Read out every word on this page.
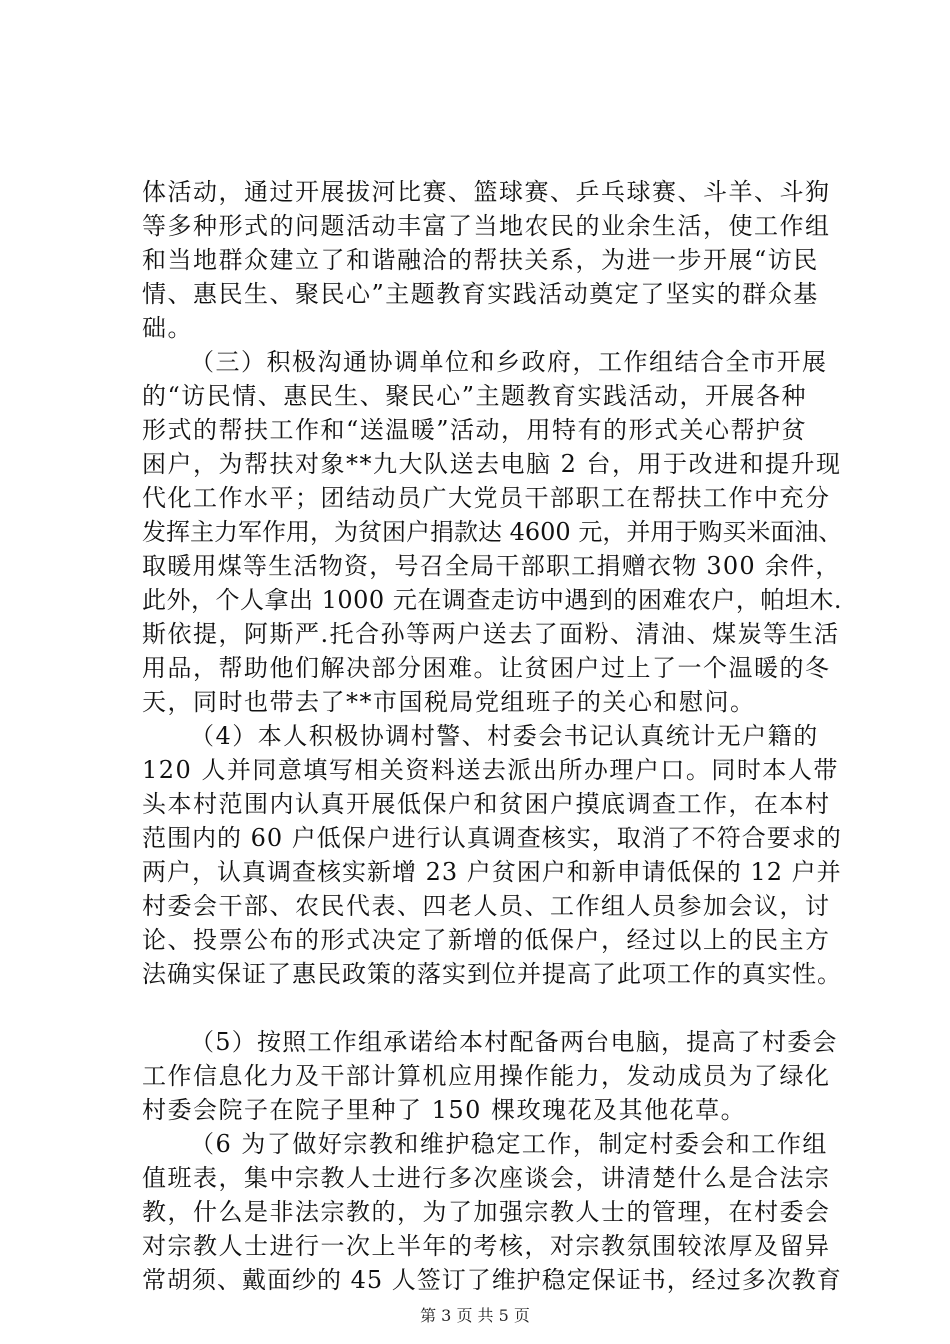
体活动，通过开展拔河比赛、篮球赛、乒乓球赛、斗羊、斗狗
等多种形式的问题活动丰富了当地农民的业余生活，使工作组
和当地群众建立了和谐融洽的帮扶关系，为进一步开展“访民
情、惠民生、聚民心”主题教育实践活动奠定了坚实的群众基
础。
（三）积极沟通协调单位和乡政府，工作组结合全市开展
的“访民情、惠民生、聚民心”主题教育实践活动，开展各种
形式的帮扶工作和“送温暖”活动，用特有的形式关心帮护贫
困户，为帮扶对象**九大队送去电脑 2 台，用于改进和提升现
代化工作水平；团结动员广大党员干部职工在帮扶工作中充分
发挥主力军作用，为贫困户捐款达 4600 元，并用于购买米面油、
取暖用煤等生活物资，号召全局干部职工捐赠衣物 300 余件，
此外，个人拿出 1000 元在调查走访中遇到的困难农户，帕坦木.
斯依提，阿斯严.托合孙等两户送去了面粉、清油、煤炭等生活
用品，帮助他们解决部分困难。让贫困户过上了一个温暖的冬
天，同时也带去了**市国税局党组班子的关心和慰问。
（4）本人积极协调村警、村委会书记认真统计无户籍的
120 人并同意填写相关资料送去派出所办理户口。同时本人带
头本村范围内认真开展低保户和贫困户摸底调查工作，在本村
范围内的 60 户低保户进行认真调查核实，取消了不符合要求的
两户，认真调查核实新增 23 户贫困户和新申请低保的 12 户并
村委会干部、农民代表、四老人员、工作组人员参加会议，讨
论、投票公布的形式决定了新增的低保户，经过以上的民主方
法确实保证了惠民政策的落实到位并提高了此项工作的真实性。
（5）按照工作组承诺给本村配备两台电脑，提高了村委会
工作信息化力及干部计算机应用操作能力，发动成员为了绿化
村委会院子在院子里种了 150 棵玫瑰花及其他花草。
（6 为了做好宗教和维护稳定工作，制定村委会和工作组
值班表，集中宗教人士进行多次座谈会，讲清楚什么是合法宗
第 3 页 共 5 页
教，什么是非法宗教的，为了加强宗教人士的管理，在村委会
对宗教人士进行一次上半年的考核，对宗教氛围较浓厚及留异
常胡须、戴面纱的 45 人签订了维护稳定保证书，经过多次教育
